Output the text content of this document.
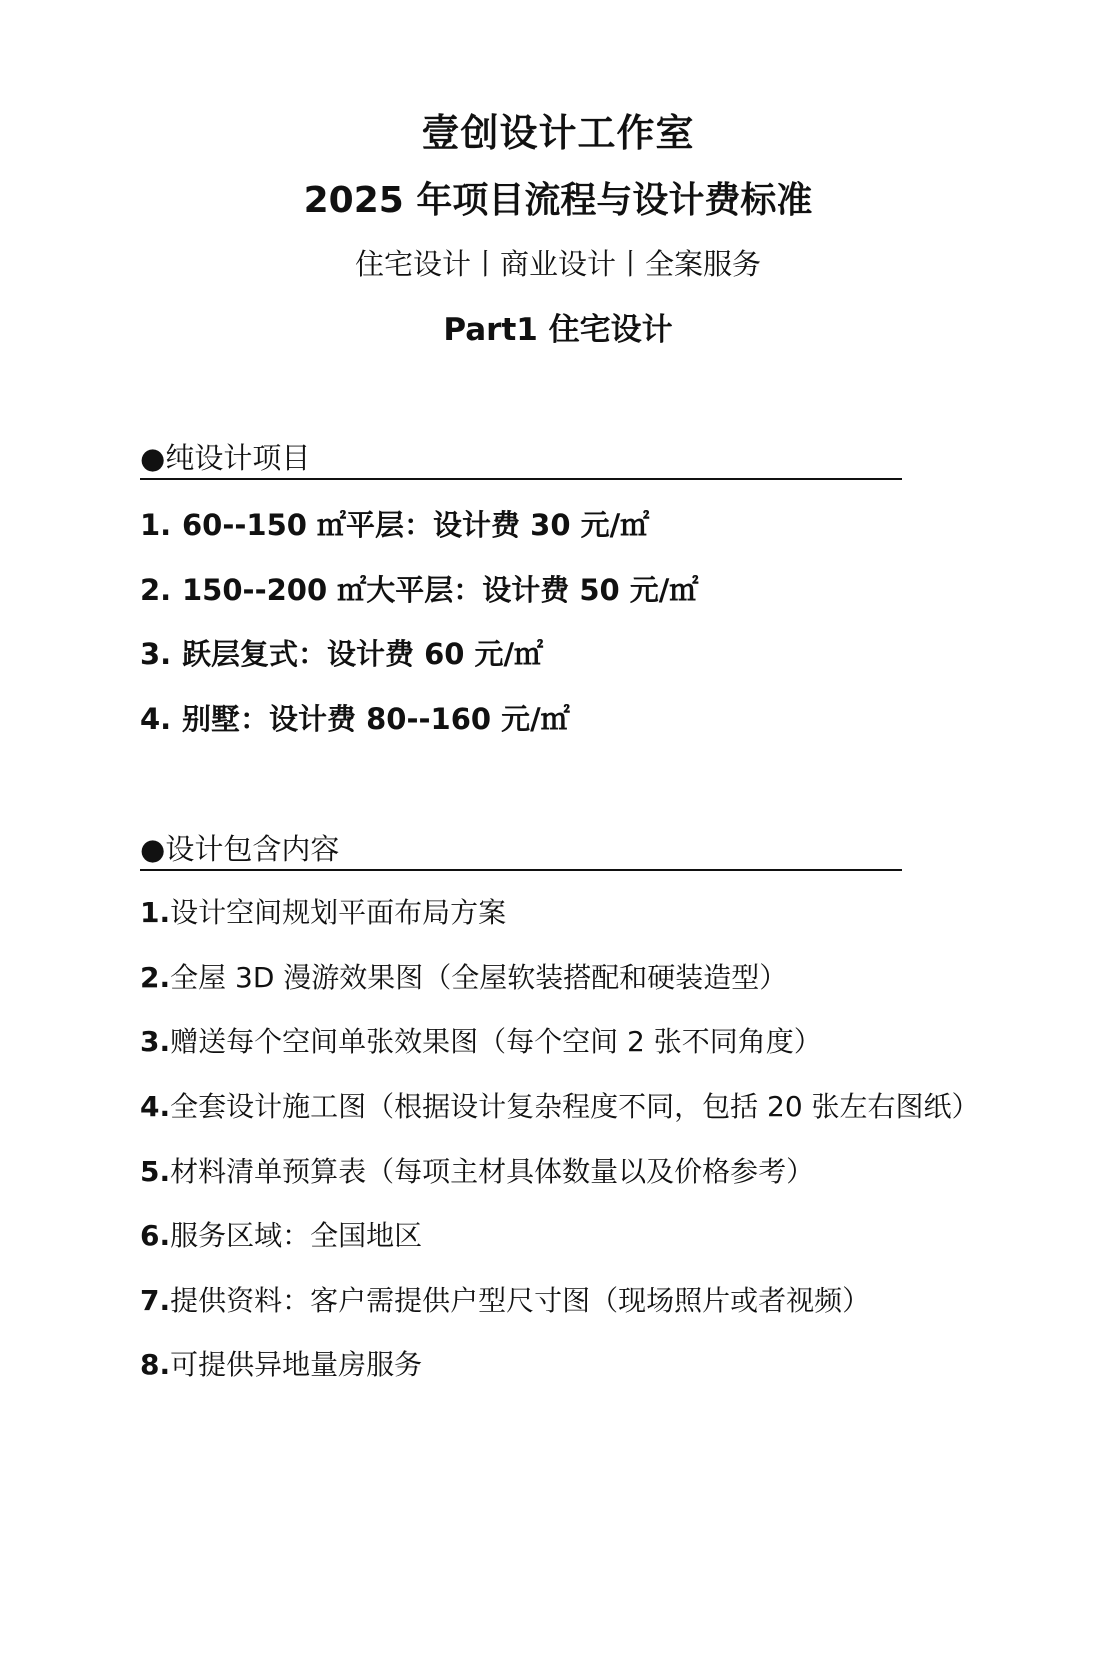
壹创设计工作室
2025 年项目流程与设计费标准
住宅设计丨商业设计丨全案服务
Part1 住宅设计
●纯设计项目
1. 60--150 ㎡平层：设计费 30 元/㎡
2. 150--200 ㎡大平层：设计费 50 元/㎡
3. 跃层复式：设计费 60 元/㎡
4. 别墅：设计费 80--160 元/㎡
●设计包含内容
1.设计空间规划平面布局方案
2.全屋 3D 漫游效果图（全屋软装搭配和硬装造型）
3.赠送每个空间单张效果图（每个空间 2 张不同角度）
4.全套设计施工图（根据设计复杂程度不同，包括 20 张左右图纸）
5.材料清单预算表（每项主材具体数量以及价格参考）
6.服务区域：全国地区
7.提供资料：客户需提供户型尺寸图（现场照片或者视频）
8.可提供异地量房服务
